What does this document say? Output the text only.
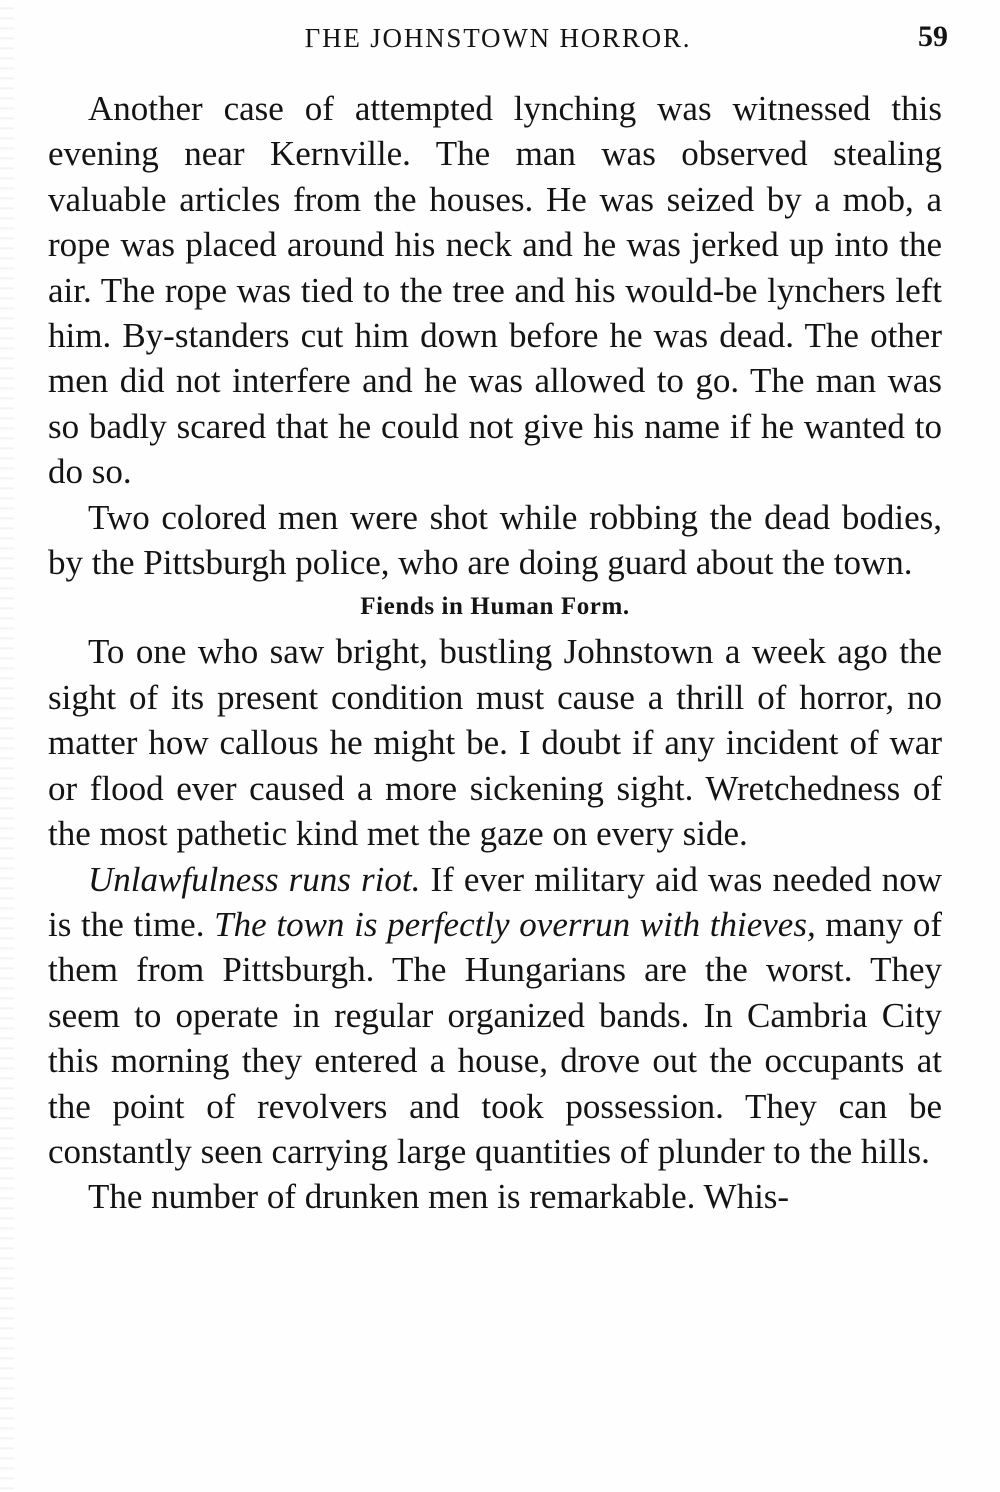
ΓHE JOHNSTOWN HORROR.	59

Another case of attempted lynching was witnessed this evening near Kernville. The man was observed stealing valuable articles from the houses. He was seized by a mob, a rope was placed around his neck and he was jerked up into the air. The rope was tied to the tree and his would-be lynchers left him. By-standers cut him down before he was dead. The other men did not interfere and he was allowed to go. The man was so badly scared that he could not give his name if he wanted to do so.

Two colored men were shot while robbing the dead bodies, by the Pittsburgh police, who are doing guard about the town.

Fiends in Human Form.

To one who saw bright, bustling Johnstown a week ago the sight of its present condition must cause a thrill of horror, no matter how callous he might be. I doubt if any incident of war or flood ever caused a more sickening sight. Wretchedness of the most pathetic kind met the gaze on every side.

Unlawfulness runs riot. If ever military aid was needed now is the time. The town is perfectly overrun with thieves, many of them from Pittsburgh. The Hungarians are the worst. They seem to operate in regular organized bands. In Cambria City this morning they entered a house, drove out the occupants at the point of revolvers and took possession. They can be constantly seen carrying large quantities of plunder to the hills.

The number of drunken men is remarkable. Whis-
